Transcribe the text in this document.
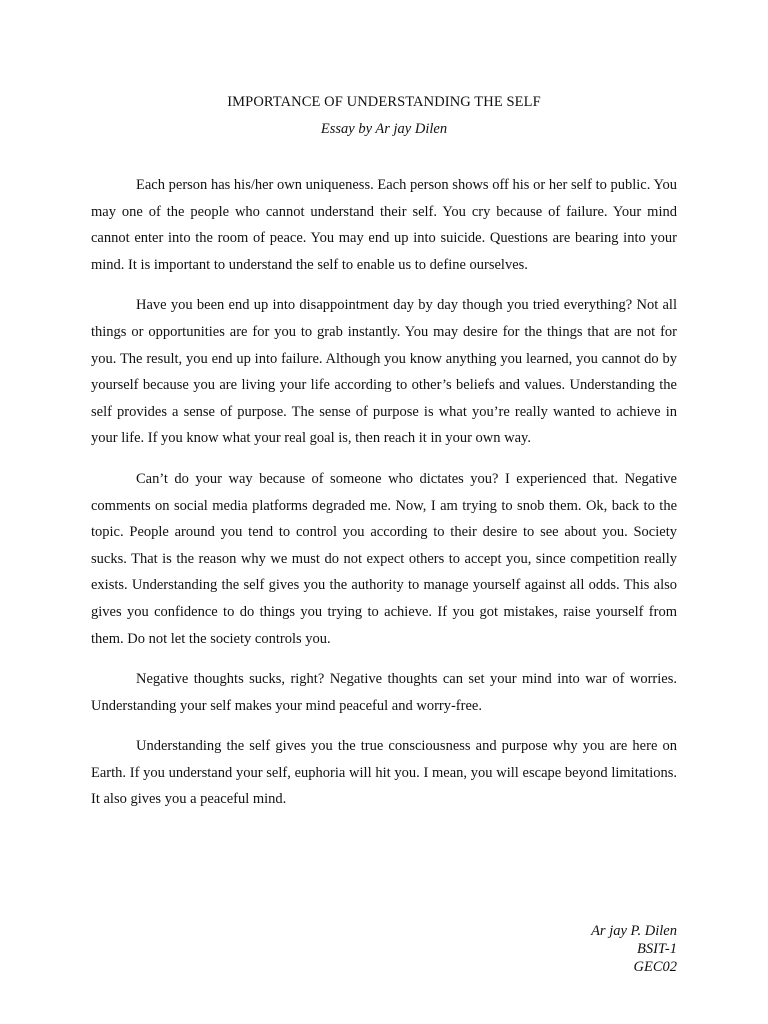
IMPORTANCE OF UNDERSTANDING THE SELF
Essay by Ar jay Dilen

Each person has his/her own uniqueness. Each person shows off his or her self to public. You may one of the people who cannot understand their self. You cry because of failure. Your mind cannot enter into the room of peace. You may end up into suicide. Questions are bearing into your mind. It is important to understand the self to enable us to define ourselves.

Have you been end up into disappointment day by day though you tried everything? Not all things or opportunities are for you to grab instantly. You may desire for the things that are not for you. The result, you end up into failure. Although you know anything you learned, you cannot do by yourself because you are living your life according to other’s beliefs and values. Understanding the self provides a sense of purpose. The sense of purpose is what you’re really wanted to achieve in your life. If you know what your real goal is, then reach it in your own way.

Can’t do your way because of someone who dictates you? I experienced that. Negative comments on social media platforms degraded me. Now, I am trying to snob them. Ok, back to the topic. People around you tend to control you according to their desire to see about you. Society sucks. That is the reason why we must do not expect others to accept you, since competition really exists. Understanding the self gives you the authority to manage yourself against all odds. This also gives you confidence to do things you trying to achieve. If you got mistakes, raise yourself from them. Do not let the society controls you.

Negative thoughts sucks, right? Negative thoughts can set your mind into war of worries. Understanding your self makes your mind peaceful and worry-free.

Understanding the self gives you the true consciousness and purpose why you are here on Earth. If you understand your self, euphoria will hit you. I mean, you will escape beyond limitations. It also gives you a peaceful mind.

Ar jay P. Dilen
BSIT-1
GEC02
